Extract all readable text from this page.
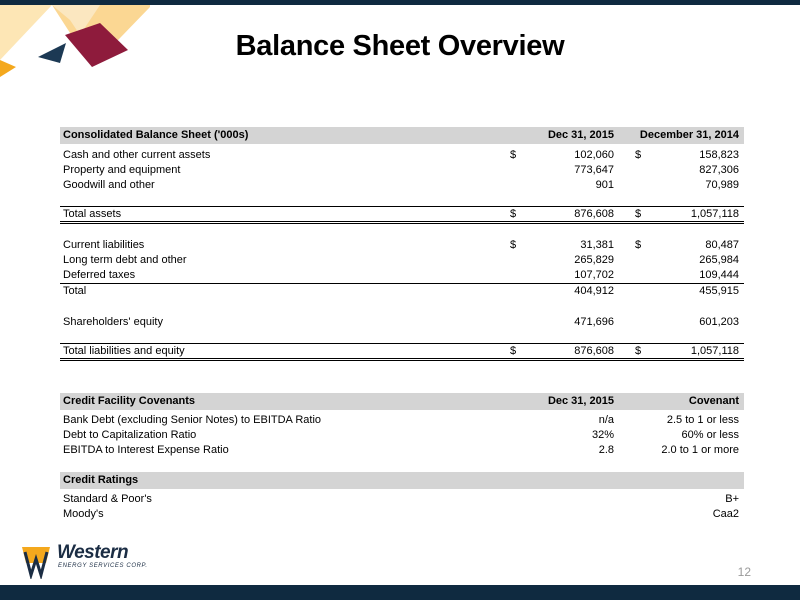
Balance Sheet Overview
Consolidated Balance Sheet ('000s)	Dec 31, 2015 December 31, 2014
Cash and other current assets	$	102,060 $	158,823
Property and equipment	773,647	827,306
Goodwill and other	901	70,989
Total assets	$	876,608 $	1,057,118
Current liabilities	$	31,381 $	80,487
Long term debt and other	265,829	265,984
Deferred taxes	107,702	109,444
Total	404,912	455,915
Shareholders' equity	471,696	601,203
Total liabilities and equity	$	876,608 $	1,057,118
Credit Facility Covenants	Dec 31, 2015	Covenant
Bank Debt (excluding Senior Notes) to EBITDA Ratio	n/a	2.5 to 1 or less
Debt to Capitalization Ratio	32%	60% or less
EBITDA to Interest Expense Ratio	2.8	2.0 to 1 or more
Credit Ratings
Standard & Poor's	B+
Moody's	Caa2
Western
ENERGY SERVICES CORP.	12
